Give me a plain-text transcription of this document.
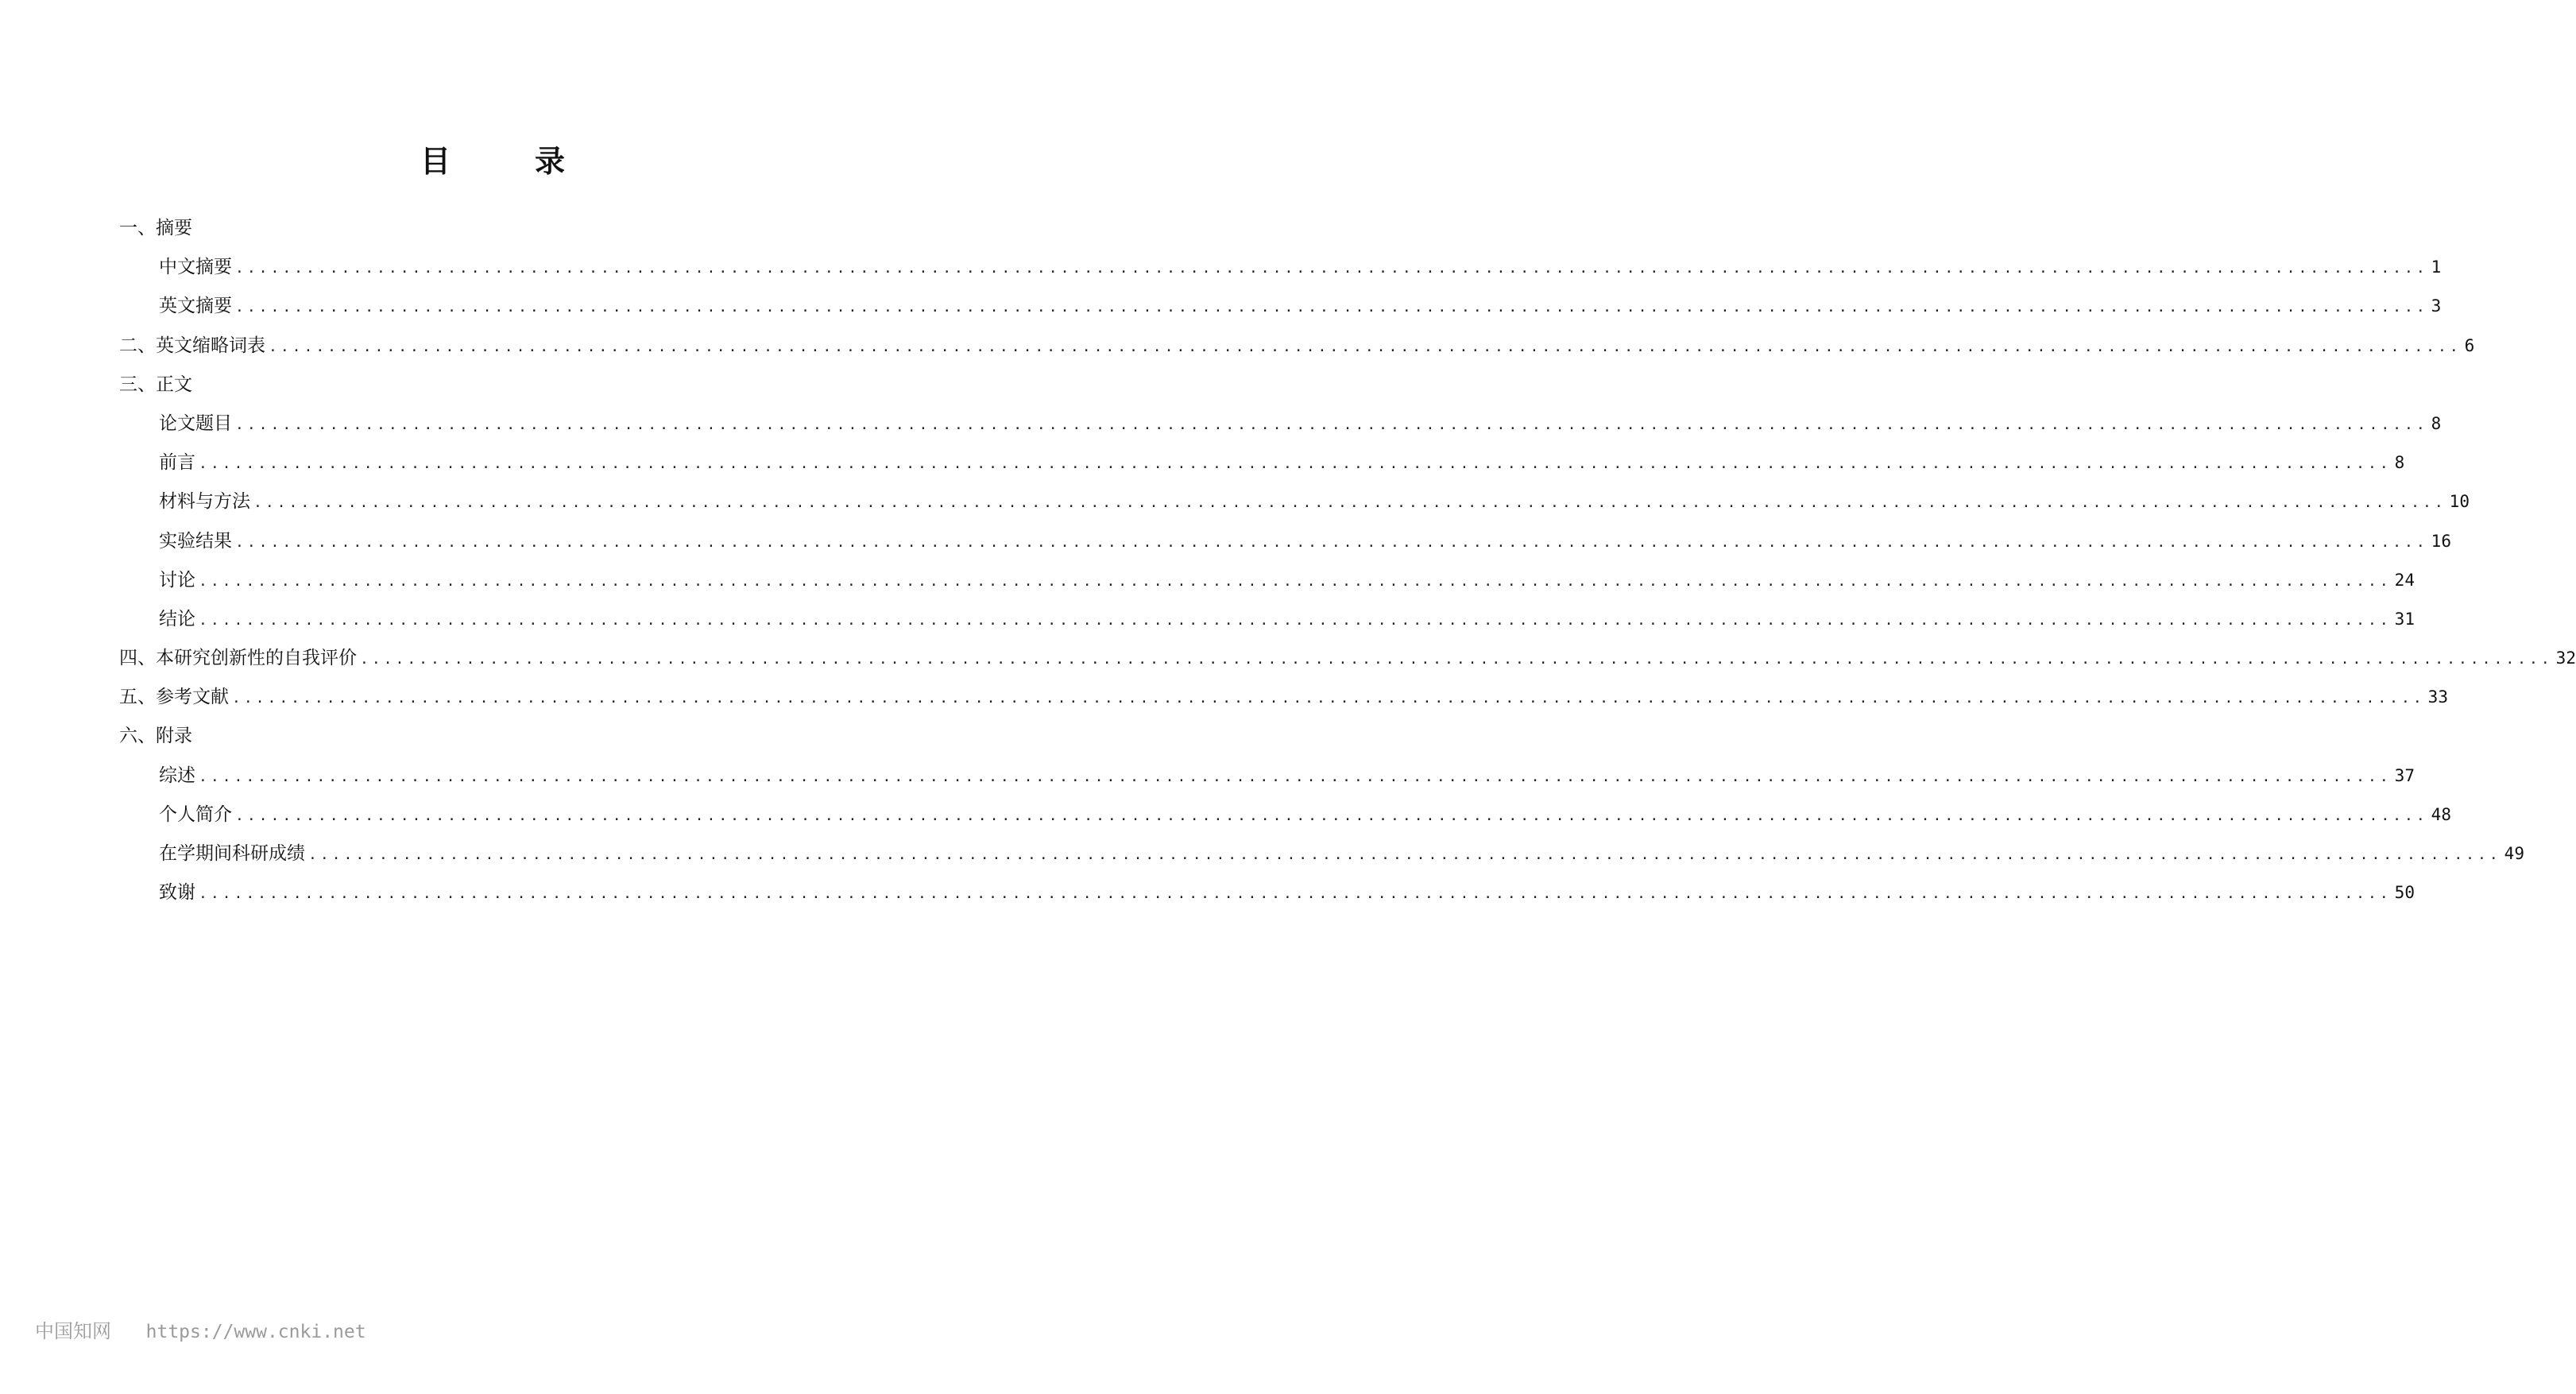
目　录
一、摘要
中文摘要 .......................................................................................................................................................................................... 1
英文摘要 .......................................................................................................................................................................................... 3
二、英文缩略词表 .......................................................................................................................................................................................... 6
三、正文
论文题目 .......................................................................................................................................................................................... 8
前言 .......................................................................................................................................................................................... 8
材料与方法 .......................................................................................................................................................................................... 10
实验结果 .......................................................................................................................................................................................... 16
讨论 .......................................................................................................................................................................................... 24
结论 .......................................................................................................................................................................................... 31
四、本研究创新性的自我评价 .......................................................................................................................................................................................... 32
五、参考文献 .......................................................................................................................................................................................... 33
六、附录
综述 .......................................................................................................................................................................................... 37
个人简介 .......................................................................................................................................................................................... 48
在学期间科研成绩 .......................................................................................................................................................................................... 49
致谢 .......................................................................................................................................................................................... 50
中国知网 https://www.cnki.net
